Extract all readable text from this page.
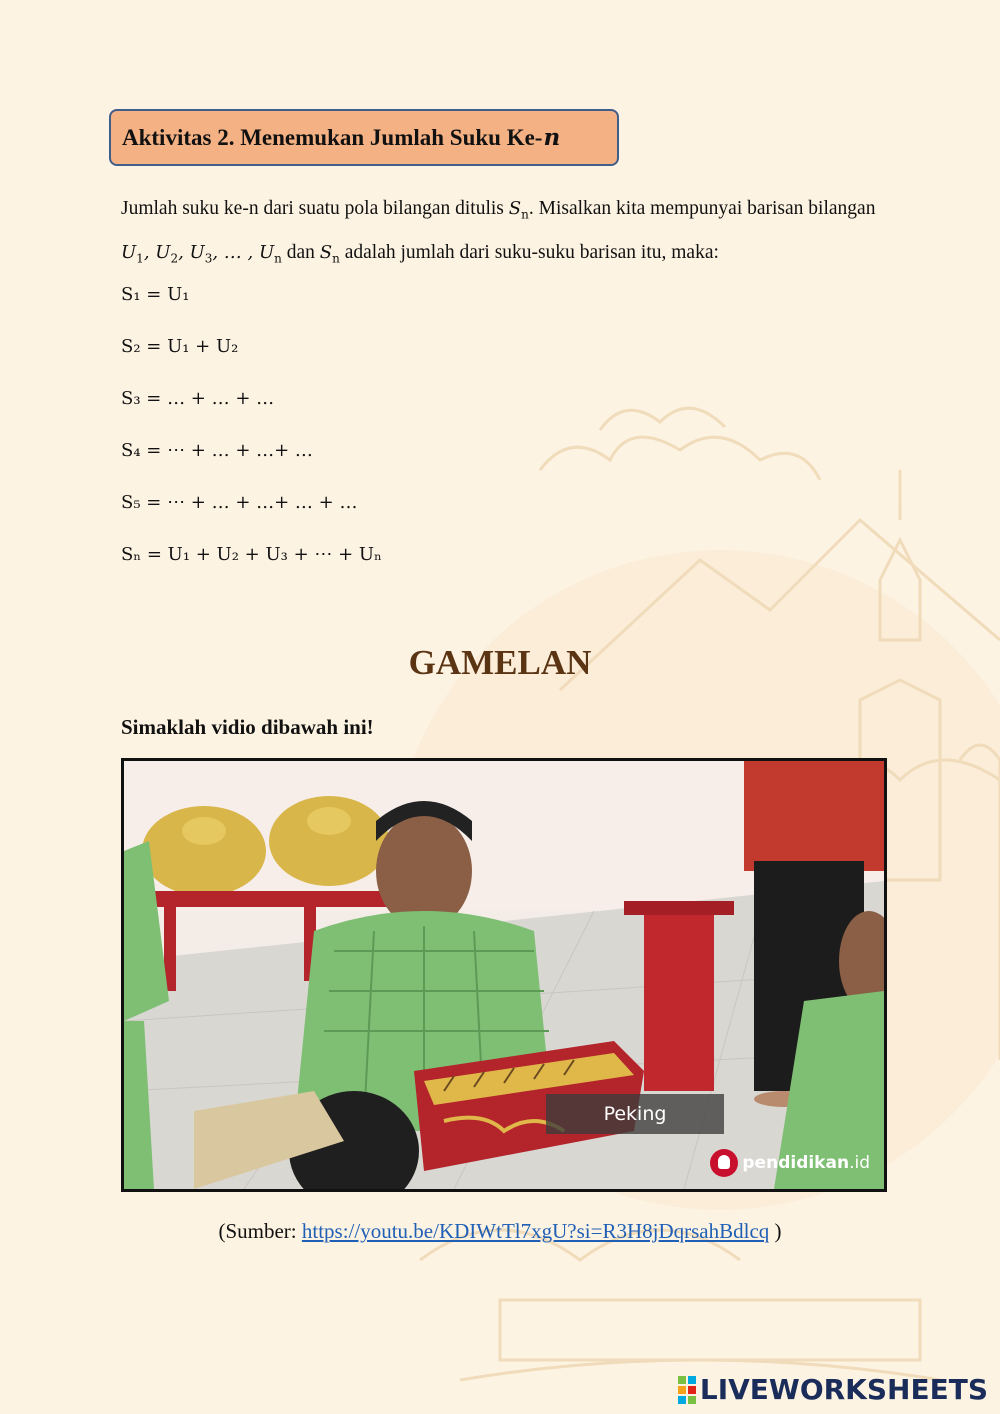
Aktivitas 2. Menemukan Jumlah Suku Ke- n
Jumlah suku ke-n dari suatu pola bilangan ditulis $S_n$. Misalkan kita mempunyai barisan bilangan $U_1$, $U_2$, $U_3$, … , $U_n$ dan $S_n$ adalah jumlah dari suku-suku barisan itu, maka:
S₁ = U₁
S₂ = U₁ + U₂
S₃ = … + … + …
S₄ = ⋯ + … + …+ …
S₅ = ⋯ + … + …+ … + …
Sₙ = U₁ + U₂ + U₃ + ⋯ + Uₙ
GAMELAN
Simaklah vidio dibawah ini!
Peking
pendidikan .id
(Sumber: https://youtu.be/KDIWtTl7xgU?si=R3H8jDqrsahBdlcq )
LIVEWORKSHEETS
